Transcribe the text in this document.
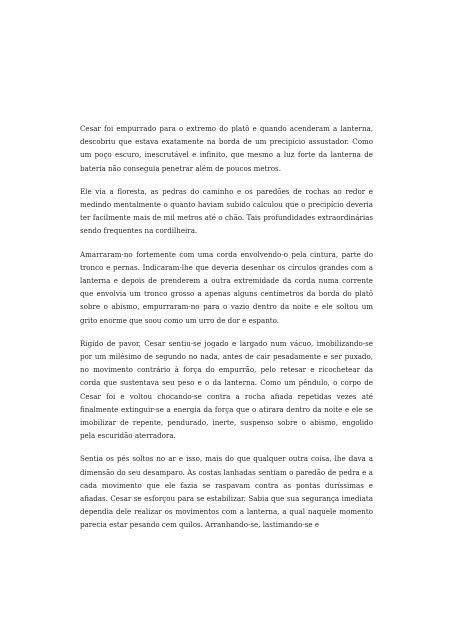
Cesar foi empurrado para o extremo do platô e quando acenderam a lanterna, descobriu que estava exatamente na borda de um precipício assustador. Como um poço escuro, inescrutável e infinito, que mesmo a luz forte da lanterna de bateria não conseguia penetrar além de poucos metros.

Ele via a floresta, as pedras do caminho e os paredões de rochas ao redor e medindo mentalmente o quanto haviam subido calculou que o precipício deveria ter facilmente mais de mil metros até o chão. Tais profundidades extraordinárias sendo frequentes na cordilheira.

Amarraram-no fortemente com uma corda envolvendo-o pela cintura, parte do tronco e pernas. Indicaram-lhe que deveria desenhar os círculos grandes com a lanterna e depois de prenderem a outra extremidade da corda numa corrente que envolvia um tronco grosso a apenas alguns centímetros da borda do platô sobre o abismo, empurraram-no para o vazio dentro da noite e ele soltou um grito enorme que soou como um urro de dor e espanto.

Rígido de pavor, Cesar sentiu-se jogado e largado num vácuo, imobilizando-se por um milésimo de segundo no nada, antes de cair pesadamente e ser puxado, no movimento contrário à força do empurrão, pelo retesar e ricochetear da corda que sustentava seu peso e o da lanterna. Como um pêndulo, o corpo de Cesar foi e voltou chocando-se contra a rocha afiada repetidas vezes até finalmente extinguir-se a energia da força que o atirara dentro da noite e ele se imobilizar de repente, pendurado, inerte, suspenso sobre o abismo, engolido pela escuridão aterradora.

Sentia os pés soltos no ar e isso, mais do que qualquer outra coisa, lhe dava a dimensão do seu desamparo. As costas lanhadas sentiam o paredão de pedra e a cada movimento que ele fazia se raspavam contra as pontas duríssimas e afiadas. Cesar se esforçou para se estabilizar. Sabia que sua segurança imediata dependia dele realizar os movimentos com a lanterna, a qual naquele momento parecia estar pesando cem quilos. Arranhando-se, lastimando-se e
